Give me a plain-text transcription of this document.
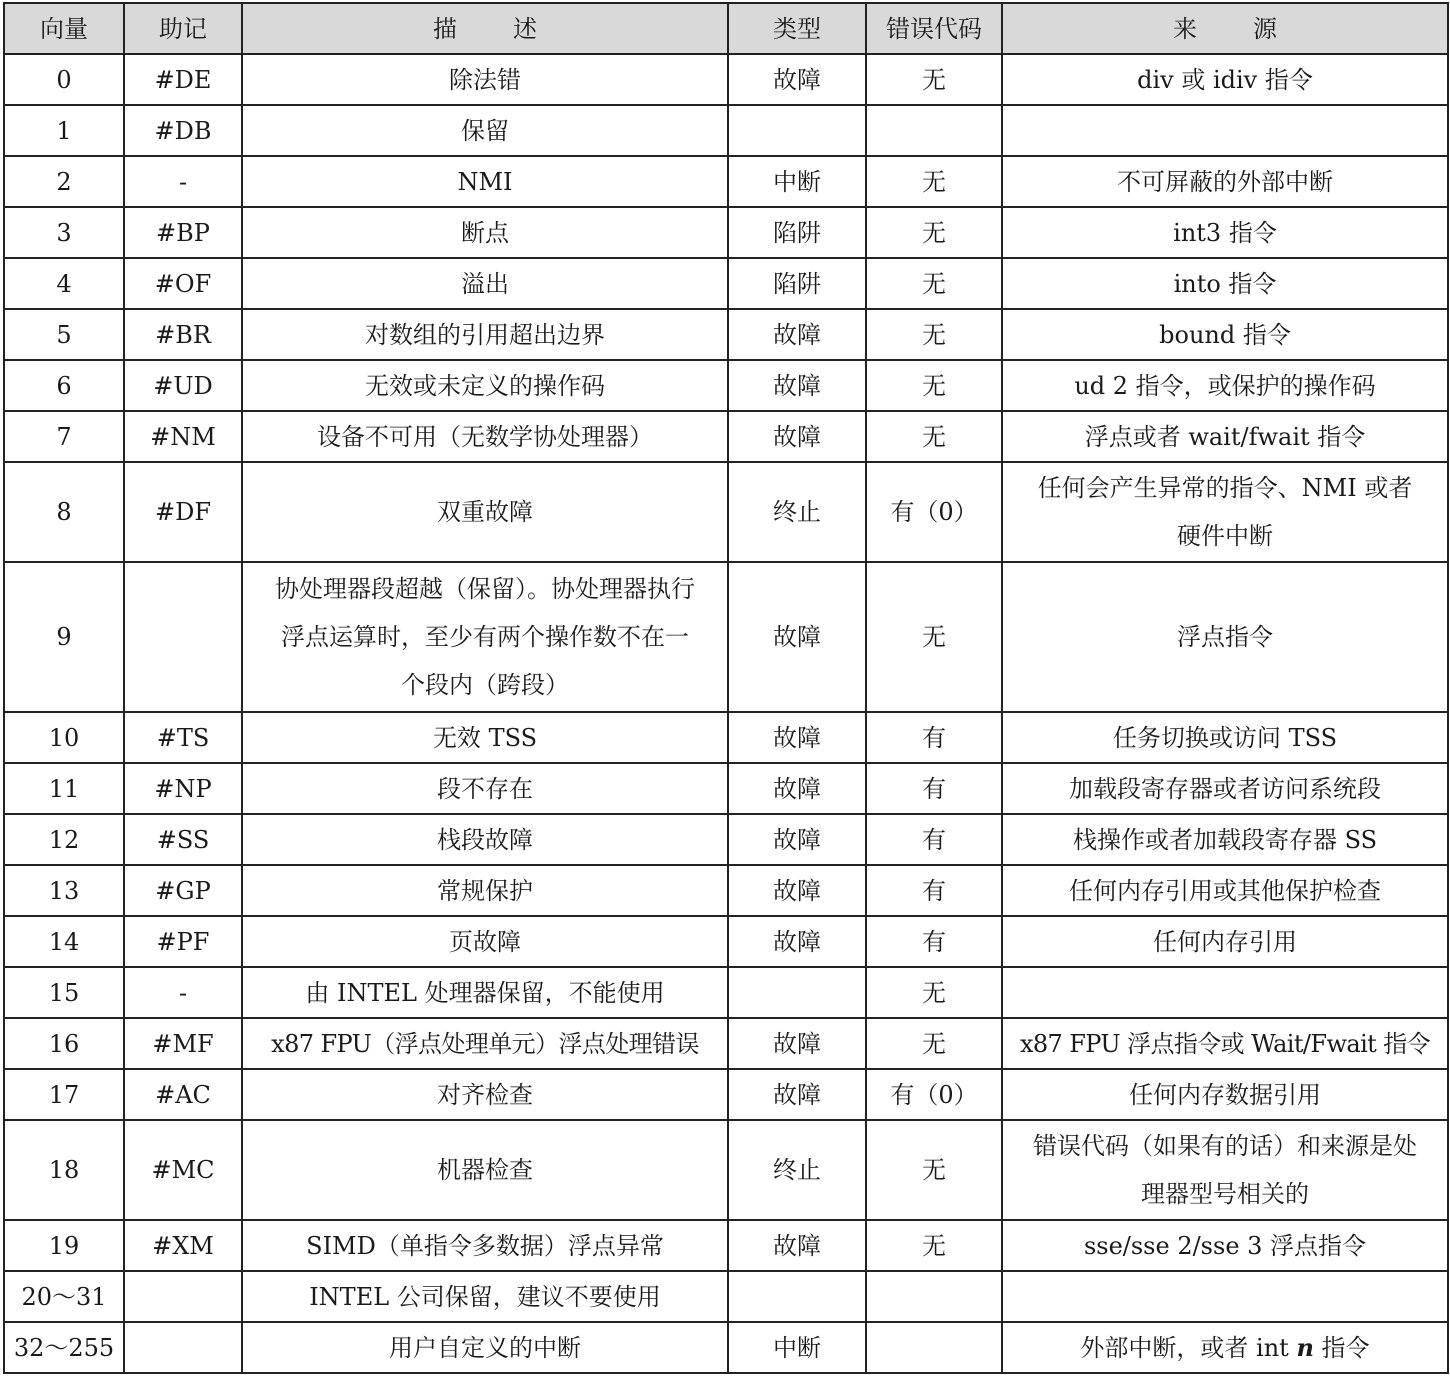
向量	助记	描 述	类型	错误代码	来 源
0	#DE	除法错	故障	无	div 或 idiv 指令
1	#DB	保留			
2	-	NMI	中断	无	不可屏蔽的外部中断
3	#BP	断点	陷阱	无	int3 指令
4	#OF	溢出	陷阱	无	into 指令
5	#BR	对数组的引用超出边界	故障	无	bound 指令
6	#UD	无效或未定义的操作码	故障	无	ud 2 指令，或保护的操作码
7	#NM	设备不可用（无数学协处理器）	故障	无	浮点或者 wait/fwait 指令
8	#DF	双重故障	终止	有（0）	任何会产生异常的指令、NMI 或者
硬件中断

9		协处理器段超越（保留）。协处理器执行
浮点运算时，至少有两个操作数不在一
个段内（跨段）	故障	无	浮点指令
10	#TS	无效 TSS	故障	有	任务切换或访问 TSS
11	#NP	段不存在	故障	有	加载段寄存器或者访问系统段
12	#SS	栈段故障	故障	有	栈操作或者加载段寄存器 SS
13	#GP	常规保护	故障	有	任何内存引用或其他保护检查
14	#PF	页故障	故障	有	任何内存引用
15	-	由 INTEL 处理器保留，不能使用		无	
16	#MF	x87 FPU（浮点处理单元）浮点处理错误	故障	无	x87 FPU 浮点指令或 Wait/Fwait 指令
17	#AC	对齐检查	故障	有（0）	任何内存数据引用
18	#MC	机器检查	终止	无	错误代码（如果有的话）和来源是处
理器型号相关的

19	#XM	SIMD（单指令多数据）浮点异常	故障	无	sse/sse 2/sse 3 浮点指令
20～31		INTEL 公司保留，建议不要使用			
32～255		用户自定义的中断	中断		外部中断，或者 int n 指令
